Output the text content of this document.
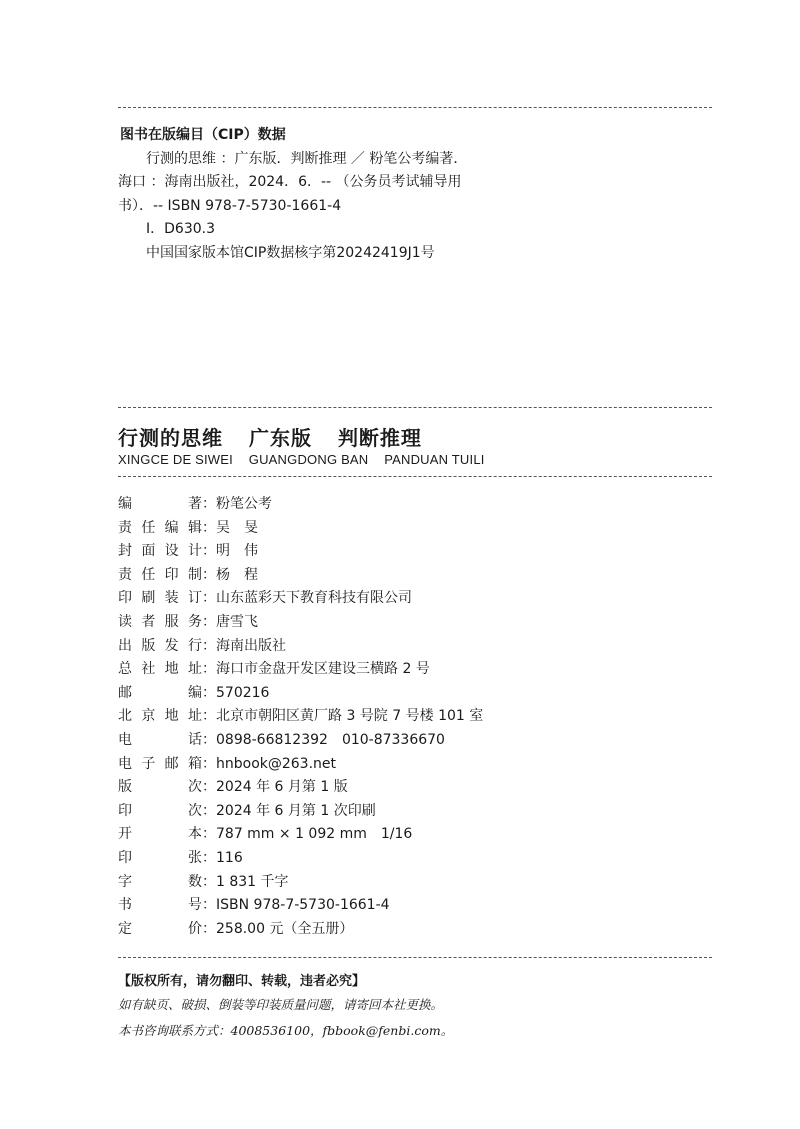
图书在版编目（CIP）数据
行测的思维 ：广东版．判断推理 ／ 粉笔公考编著．
海口 ：海南出版社，2024．6．-- （公务员考试辅导用
书）．-- ISBN 978-7-5730-1661-4
Ⅰ．D630.3
中国国家版本馆CIP数据核字第20242419J1号
行测的思维 广东版 判断推理
XINGCE DE SIWEI GUANGDONG BAN PANDUAN TUILI
编著 ： 粉笔公考
责任编辑 ： 吴　旻
封面设计 ： 明　伟
责任印制 ： 杨　程
印刷装订 ： 山东蓝彩天下教育科技有限公司
读者服务 ： 唐雪飞
出版发行 ： 海南出版社
总社地址 ： 海口市金盘开发区建设三横路 2 号
邮编 ： 570216
北京地址 ： 北京市朝阳区黄厂路 3 号院 7 号楼 101 室
电话 ： 0898-66812392　010-87336670
电子邮箱 ： hnbook@263.net
版次 ： 2024 年 6 月第 1 版
印次 ： 2024 年 6 月第 1 次印刷
开本 ： 787 mm × 1 092 mm　1/16
印张 ： 116
字数 ： 1 831 千字
书号 ： ISBN 978-7-5730-1661-4
定价 ： 258.00 元（全五册）
【版权所有，请勿翻印、转载，违者必究】
如有缺页、破损、倒装等印装质量问题，请寄回本社更换。
本书咨询联系方式：4008536100，fbbook@fenbi.com。
